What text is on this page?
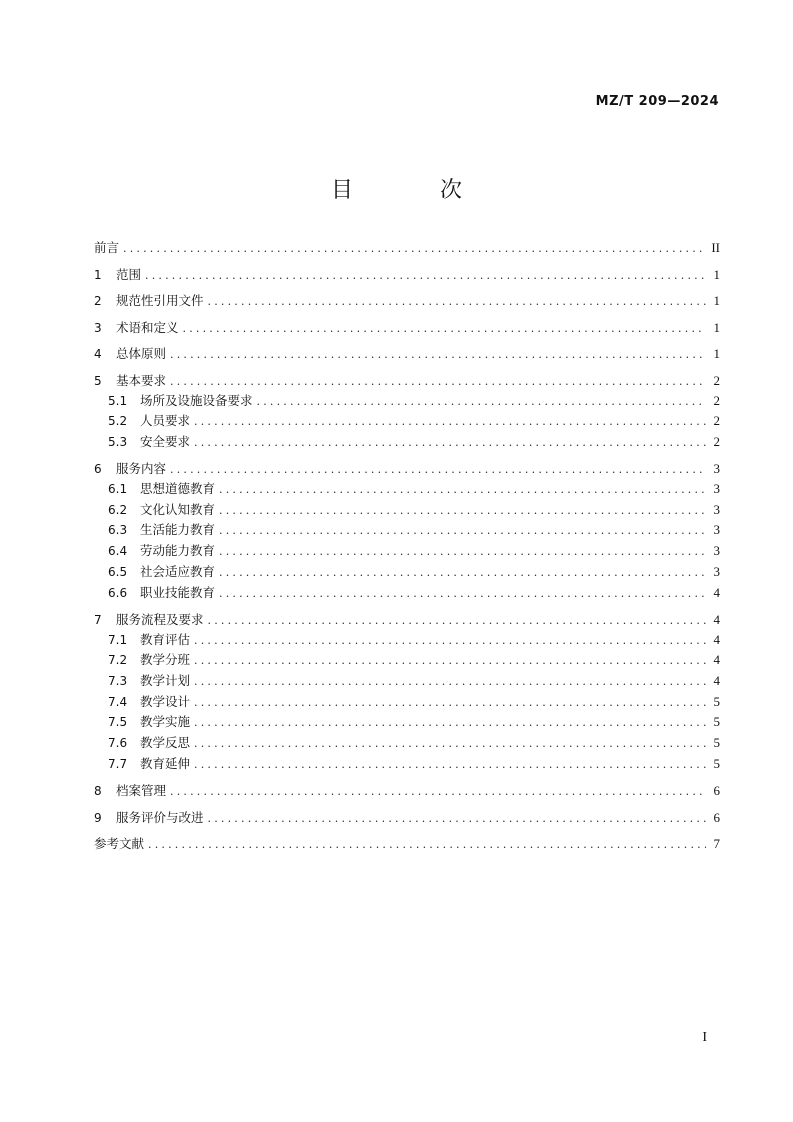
MZ/T 209—2024
目 次
前言 .....	II
1	范围 .....	1
2	规范性引用文件 .....	1
3	术语和定义 .....	1
4	总体原则 .....	1
5	基本要求 .....	2
5.1	场所及设施设备要求 .....	2
5.2	人员要求 .....	2
5.3	安全要求 .....	2
6	服务内容 .....	3
6.1	思想道德教育 .....	3
6.2	文化认知教育 .....	3
6.3	生活能力教育 .....	3
6.4	劳动能力教育 .....	3
6.5	社会适应教育 .....	3
6.6	职业技能教育 .....	4
7	服务流程及要求 .....	4
7.1	教育评估 .....	4
7.2	教学分班 .....	4
7.3	教学计划 .....	4
7.4	教学设计 .....	5
7.5	教学实施 .....	5
7.6	教学反思 .....	5
7.7	教育延伸 .....	5
8	档案管理 .....	6
9	服务评价与改进 .....	6
参考文献 .....	7
I
